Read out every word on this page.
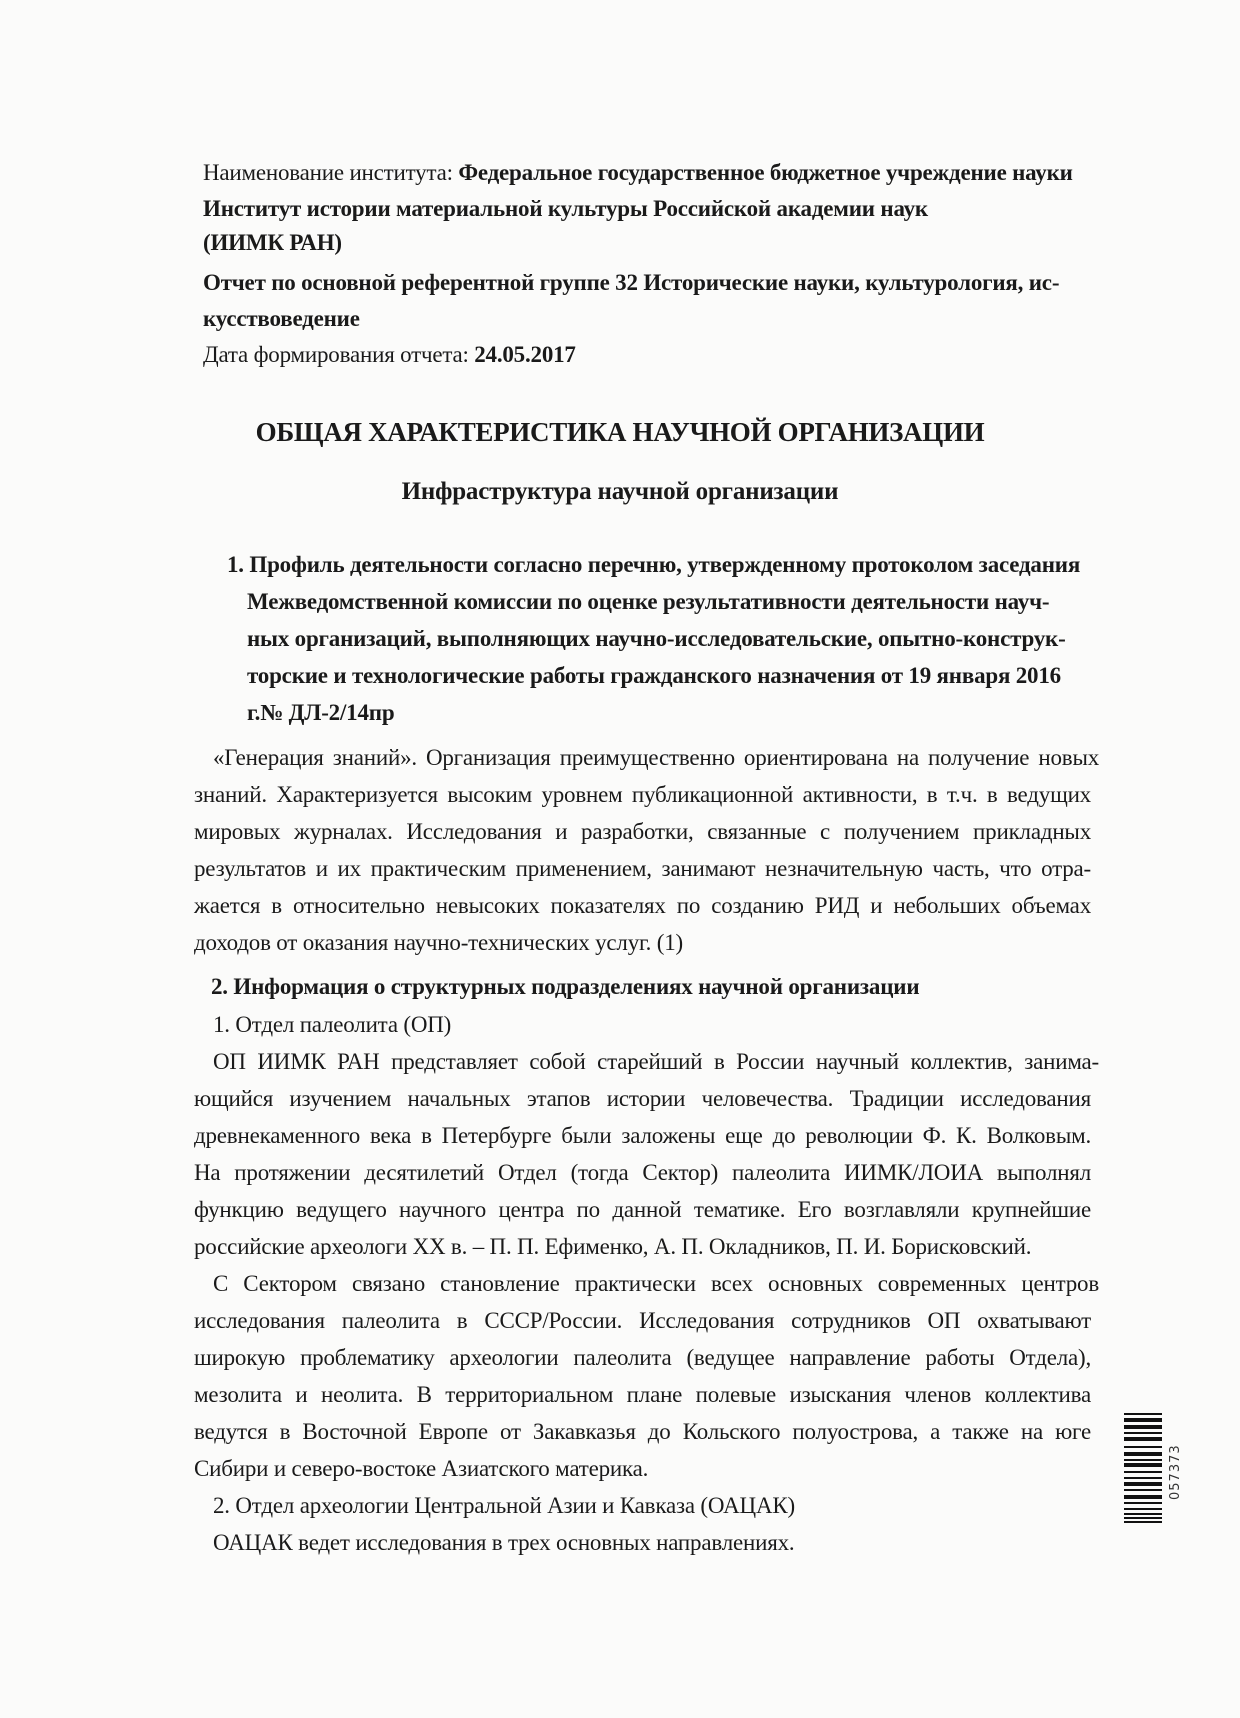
Наименование института: Федеральное государственное бюджетное учреждение науки
Институт истории материальной культуры Российской академии наук
(ИИМК РАН)
Отчет по основной референтной группе 32 Исторические науки, культурология, ис-
кусствоведение
Дата формирования отчета: 24.05.2017
ОБЩАЯ ХАРАКТЕРИСТИКА НАУЧНОЙ ОРГАНИЗАЦИИ
Инфраструктура научной организации
1. Профиль деятельности согласно перечню, утвержденному протоколом заседания
Межведомственной комиссии по оценке результативности деятельности науч-
ных организаций, выполняющих научно-исследовательские, опытно-конструк-
торские и технологические работы гражданского назначения от 19 января 2016
г.№ ДЛ-2/14пр
«Генерация знаний». Организация преимущественно ориентирована на получение новых
знаний. Характеризуется высоким уровнем публикационной активности, в т.ч. в ведущих
мировых журналах. Исследования и разработки, связанные с получением прикладных
результатов и их практическим применением, занимают незначительную часть, что отра-
жается в относительно невысоких показателях по созданию РИД и небольших объемах
доходов от оказания научно-технических услуг. (1)
2. Информация о структурных подразделениях научной организации
1. Отдел палеолита (ОП)
ОП ИИМК РАН представляет собой старейший в России научный коллектив, занима-
ющийся изучением начальных этапов истории человечества. Традиции исследования
древнекаменного века в Петербурге были заложены еще до революции Ф. К. Волковым.
На протяжении десятилетий Отдел (тогда Сектор) палеолита ИИМК/ЛОИА выполнял
функцию ведущего научного центра по данной тематике. Его возглавляли крупнейшие
российские археологи XX в. – П. П. Ефименко, А. П. Окладников, П. И. Борисковский.
С Сектором связано становление практически всех основных современных центров
исследования палеолита в СССР/России. Исследования сотрудников ОП охватывают
широкую проблематику археологии палеолита (ведущее направление работы Отдела),
мезолита и неолита. В территориальном плане полевые изыскания членов коллектива
ведутся в Восточной Европе от Закавказья до Кольского полуострова, а также на юге
Сибири и северо-востоке Азиатского материка.
2. Отдел археологии Центральной Азии и Кавказа (ОАЦАК)
ОАЦАК ведет исследования в трех основных направлениях.
057373
